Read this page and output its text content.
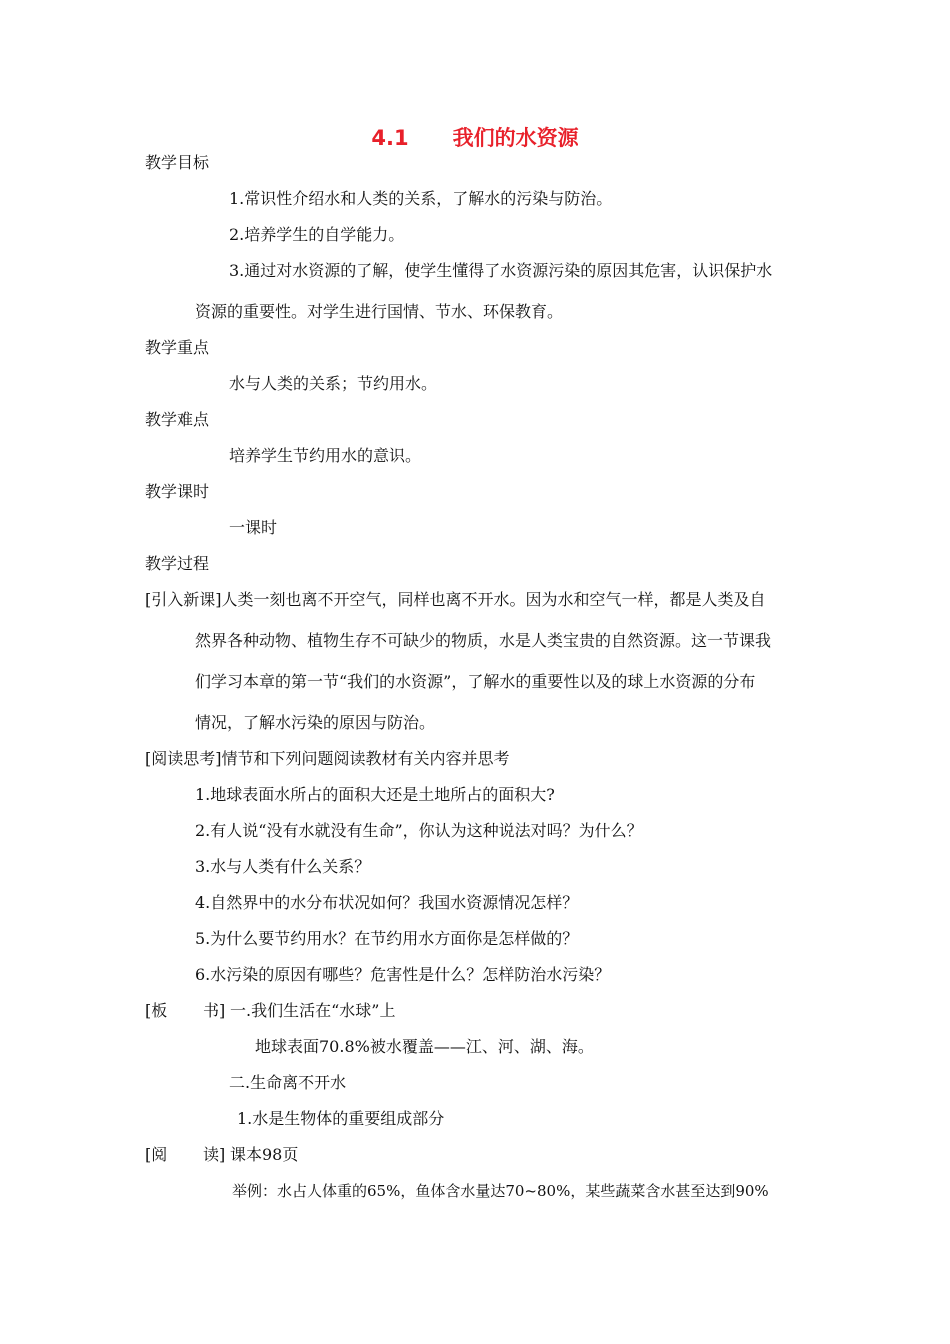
4.1 我们的水资源
教学目标
1.常识性介绍水和人类的关系，了解水的污染与防治。
2.培养学生的自学能力。
3.通过对水资源的了解，使学生懂得了水资源污染的原因其危害，认识保护水
资源的重要性。对学生进行国情、节水、环保教育。
教学重点
水与人类的关系；节约用水。
教学难点
培养学生节约用水的意识。
教学课时
一课时
教学过程
[引入新课]人类一刻也离不开空气，同样也离不开水。因为水和空气一样，都是人类及自
然界各种动物、植物生存不可缺少的物质，水是人类宝贵的自然资源。这一节课我
们学习本章的第一节“我们的水资源”，了解水的重要性以及的球上水资源的分布
情况，了解水污染的原因与防治。
[阅读思考]情节和下列问题阅读教材有关内容并思考
1.地球表面水所占的面积大还是土地所占的面积大?
2.有人说“没有水就没有生命”，你认为这种说法对吗？为什么？
3.水与人类有什么关系？
4.自然界中的水分布状况如何？我国水资源情况怎样？
5.为什么要节约用水？在节约用水方面你是怎样做的？
6.水污染的原因有哪些？危害性是什么？怎样防治水污染？
[板 书] 一.我们生活在“水球”上
地球表面70.8%被水覆盖——江、河、湖、海。
二.生命离不开水
1.水是生物体的重要组成部分
[阅 读] 课本98页
举例：水占人体重的65%，鱼体含水量达70~80%，某些蔬菜含水甚至达到90%
